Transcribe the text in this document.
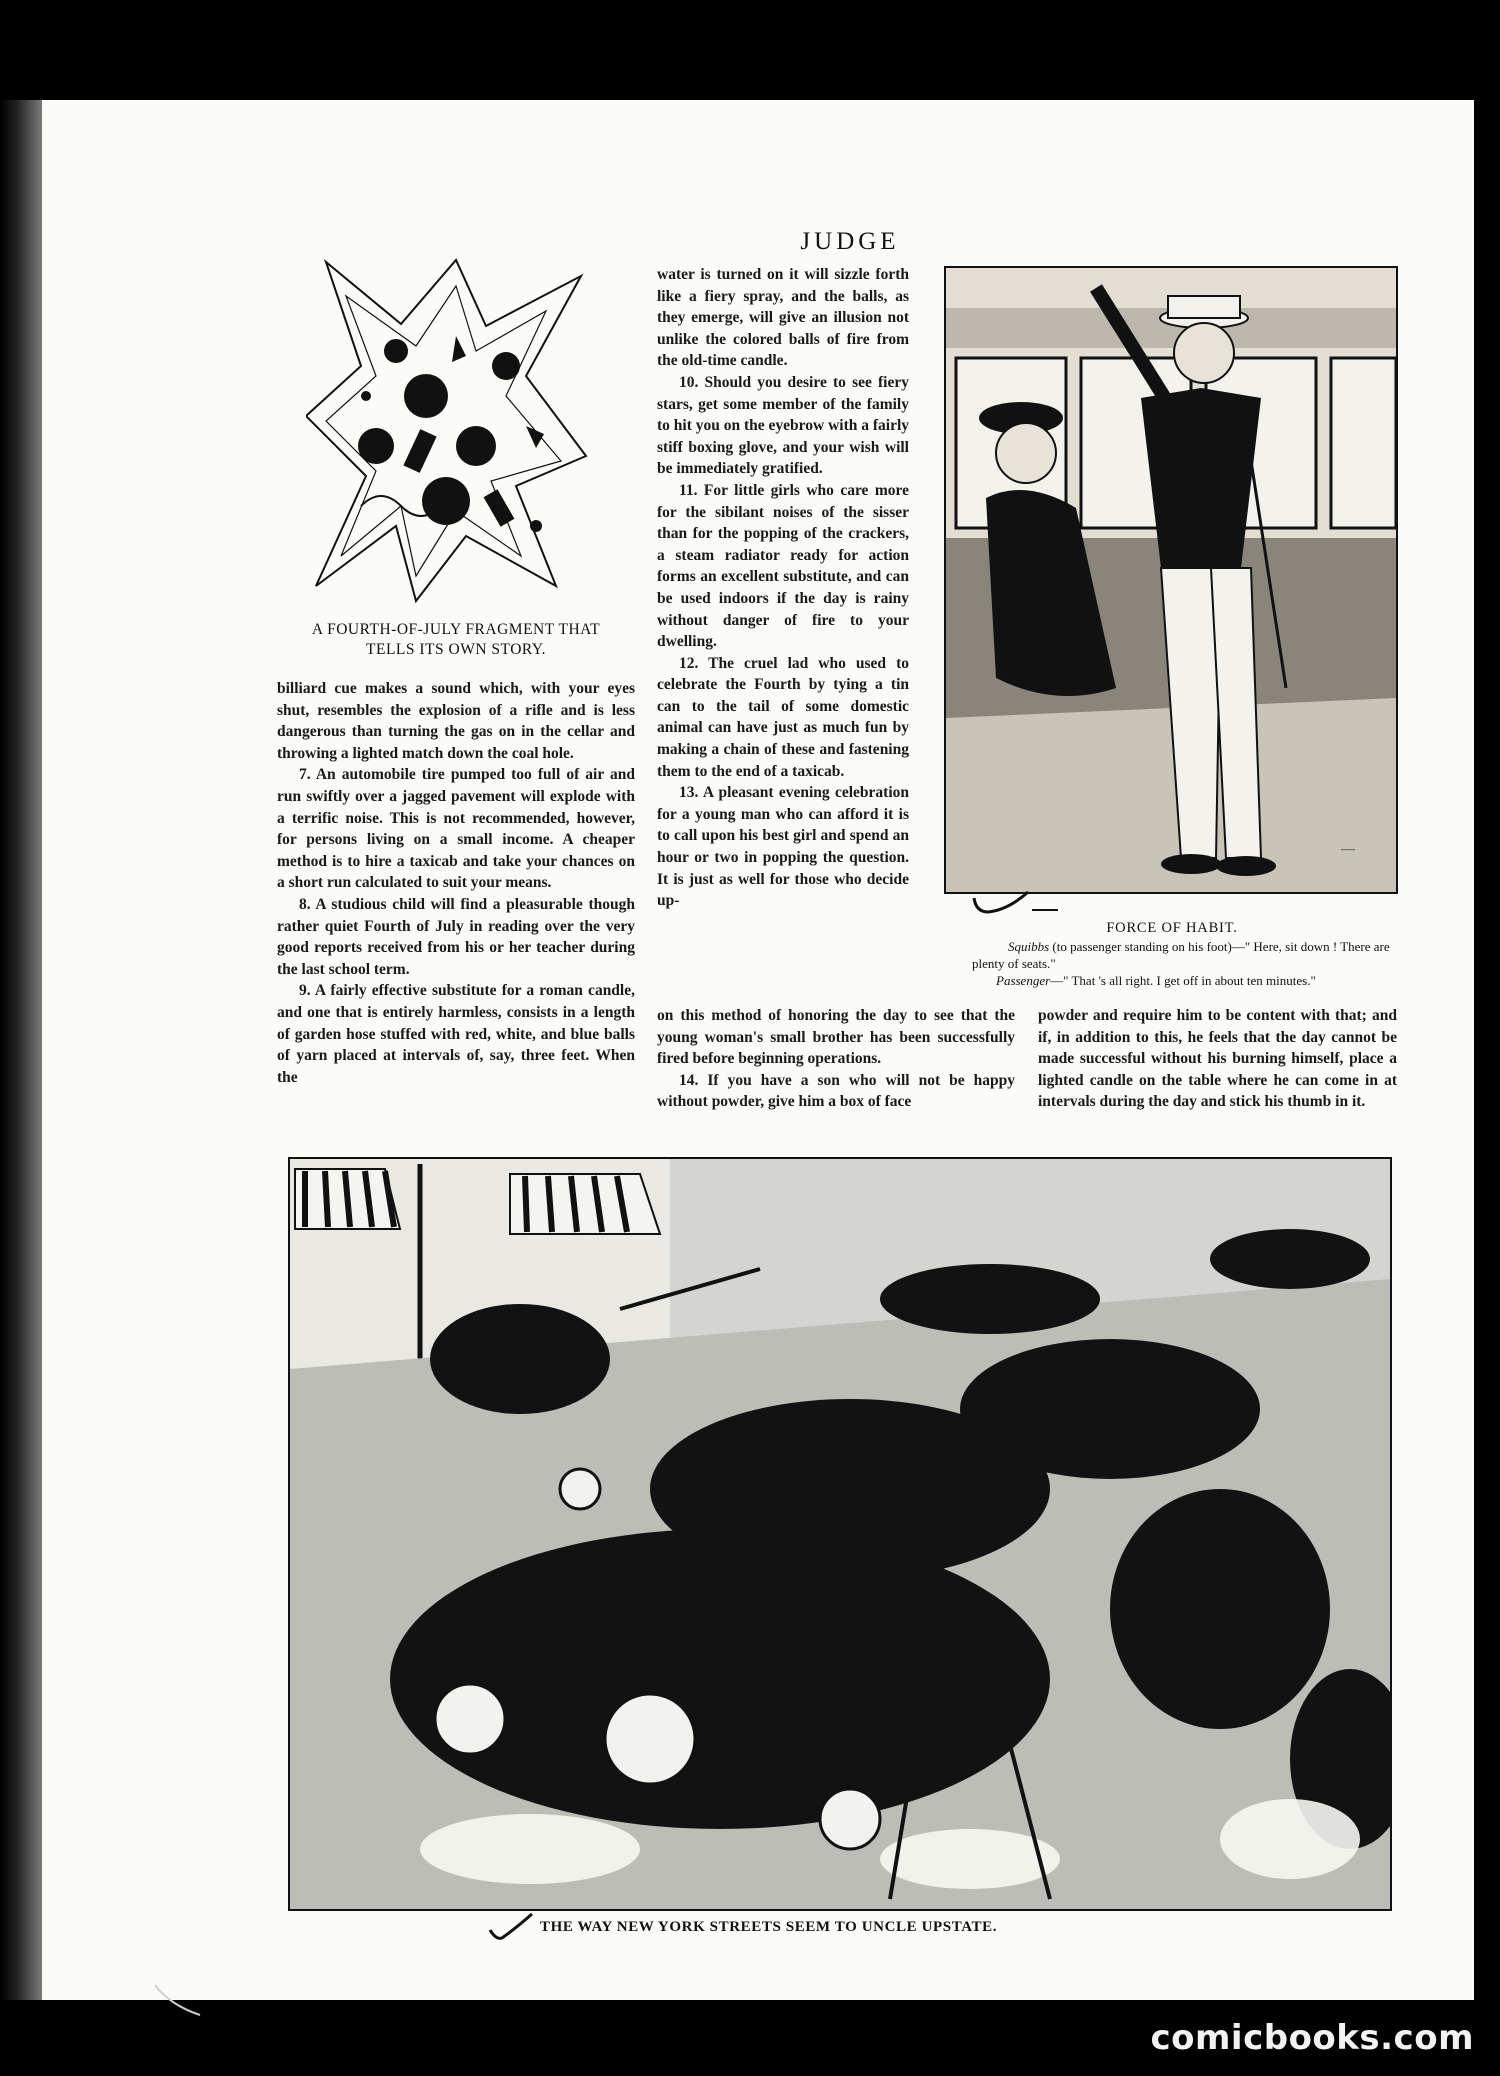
JUDGE
A FOURTH-OF-JULY FRAGMENT THAT
TELLS ITS OWN STORY.

billiard cue makes a sound which, with your eyes shut, resembles the explosion of a rifle and is less dangerous than turning the gas on in the cellar and throwing a lighted match down the coal hole.

7. An automobile tire pumped too full of air and run swiftly over a jagged pavement will explode with a terrific noise. This is not recommended, however, for persons living on a small income. A cheaper method is to hire a taxicab and take your chances on a short run calculated to suit your means.

8. A studious child will find a pleasurable though rather quiet Fourth of July in reading over the very good reports received from his or her teacher during the last school term.

9. A fairly effective substitute for a roman candle, and one that is entirely harmless, consists in a length of garden hose stuffed with red, white, and blue balls of yarn placed at intervals of, say, three feet. When the

water is turned on it will sizzle forth like a fiery spray, and the balls, as they emerge, will give an illusion not unlike the colored balls of fire from the old-time candle.

10. Should you desire to see fiery stars, get some member of the family to hit you on the eyebrow with a fairly stiff boxing glove, and your wish will be immediately gratified.

11. For little girls who care more for the sibilant noises of the sisser than for the popping of the crackers, a steam radiator ready for action forms an excellent substitute, and can be used indoors if the day is rainy without danger of fire to your dwelling.

12. The cruel lad who used to celebrate the Fourth by tying a tin can to the tail of some domestic animal can have just as much fun by making a chain of these and fastening them to the end of a taxicab.

13. A pleasant evening celebration for a young man who can afford it is to call upon his best girl and spend an hour or two in popping the question. It is just as well for those who decide up-

on this method of honoring the day to see that the young woman's small brother has been successfully fired before beginning operations.

14. If you have a son who will not be happy without powder, give him a box of face

powder and require him to be content with that; and if, in addition to this, he feels that the day cannot be made successful without his burning himself, place a lighted candle on the table where he can come in at intervals during the day and stick his thumb in it.

—
FORCE OF HABIT.
Squibbs (to passenger standing on his foot)—" Here, sit down ! There are plenty of seats."
Passenger—" That 's all right. I get off in about ten minutes."
THE WAY NEW YORK STREETS SEEM TO UNCLE UPSTATE.
comicbooks.com
